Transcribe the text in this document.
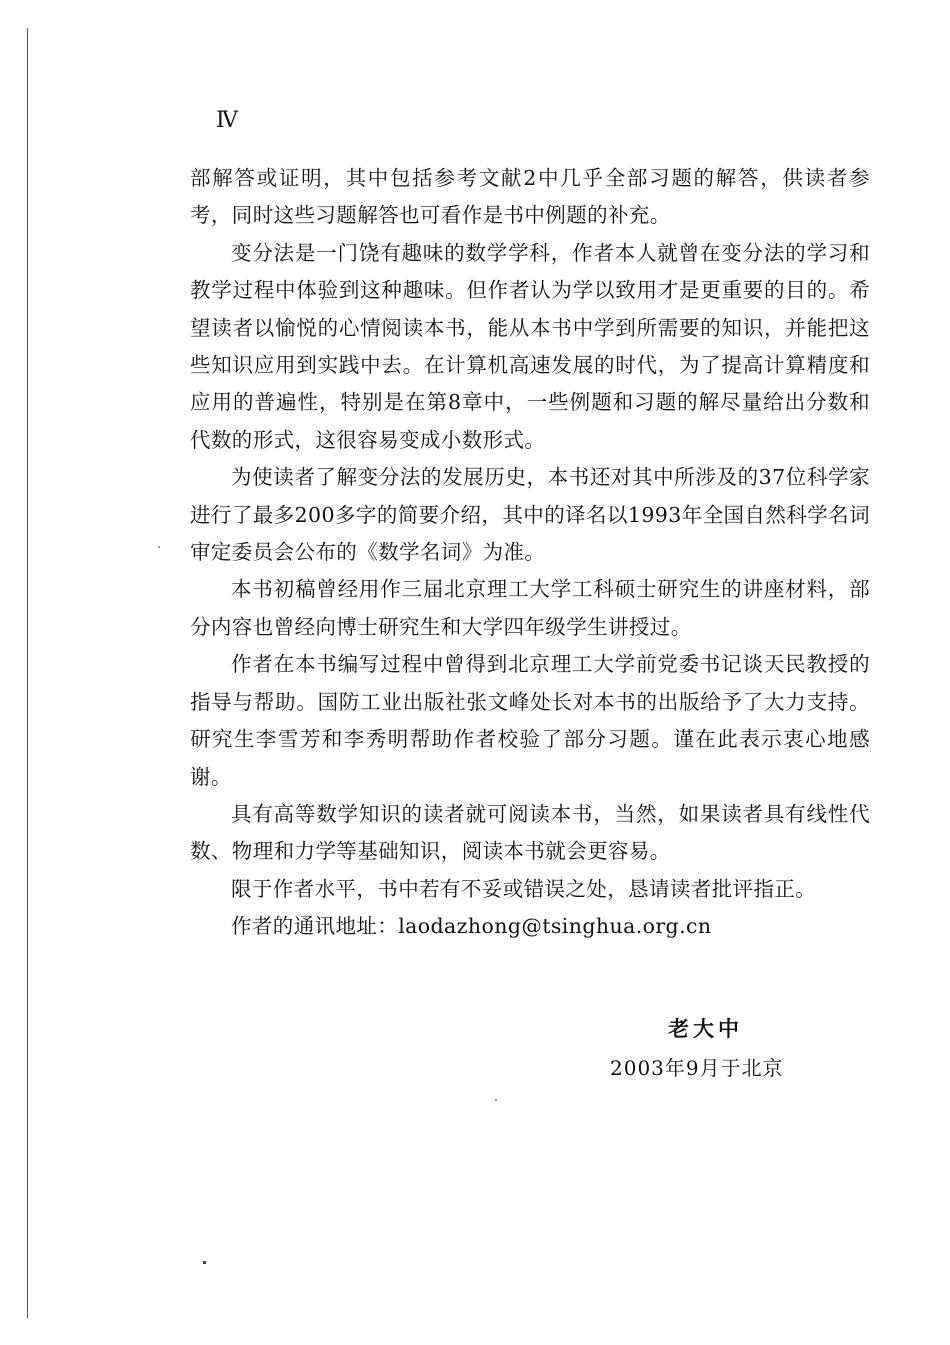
Ⅳ

部解答或证明，其中包括参考文献2中几乎全部习题的解答，供读者参考，同时这些习题解答也可看作是书中例题的补充。

变分法是一门饶有趣味的数学学科，作者本人就曾在变分法的学习和教学过程中体验到这种趣味。但作者认为学以致用才是更重要的目的。希望读者以愉悦的心情阅读本书，能从本书中学到所需要的知识，并能把这些知识应用到实践中去。在计算机高速发展的时代，为了提高计算精度和应用的普遍性，特别是在第8章中，一些例题和习题的解尽量给出分数和代数的形式，这很容易变成小数形式。

为使读者了解变分法的发展历史，本书还对其中所涉及的37位科学家进行了最多200多字的简要介绍，其中的译名以1993年全国自然科学名词审定委员会公布的《数学名词》为准。

本书初稿曾经用作三届北京理工大学工科硕士研究生的讲座材料，部分内容也曾经向博士研究生和大学四年级学生讲授过。

作者在本书编写过程中曾得到北京理工大学前党委书记谈天民教授的指导与帮助。国防工业出版社张文峰处长对本书的出版给予了大力支持。研究生李雪芳和李秀明帮助作者校验了部分习题。谨在此表示衷心地感谢。

具有高等数学知识的读者就可阅读本书，当然，如果读者具有线性代数、物理和力学等基础知识，阅读本书就会更容易。

限于作者水平，书中若有不妥或错误之处，恳请读者批评指正。

作者的通讯地址：laodazhong@tsinghua.org.cn

老大中
2003年9月于北京
